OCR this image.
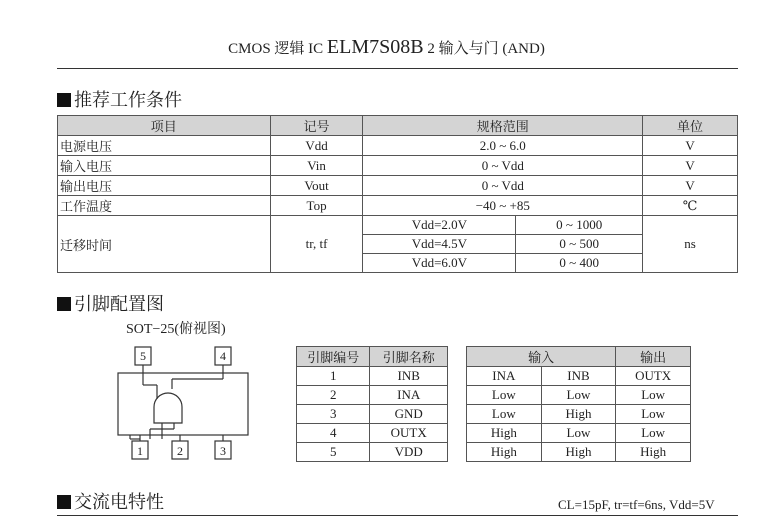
CMOS 逻辑 IC ELM7S08B 2 输入与门 (AND)
推荐工作条件
项目	记号	规格范围		单位
电源电压	Vdd	2.0 ~ 6.0		V
输入电压	Vin	0 ~ Vdd		V
输出电压	Vout	0 ~ Vdd		V
工作温度	Top	−40 ~ +85		℃
迁移时间	tr, tf	Vdd=2.0V	0 ~ 1000	ns
		Vdd=4.5V	0 ~ 500	
		Vdd=6.0V	0 ~ 400	
引脚配置图
SOT−25(俯视图)
5	4
1	2	3
引脚编号	引脚名称
1	INB
2	INA
3	GND
4	OUTX
5	VDD
输入		输出
INA	INB	OUTX
Low	Low	Low
Low	High	Low
High	Low	Low
High	High	High
交流电特性	CL=15pF, tr=tf=6ns, Vdd=5V
